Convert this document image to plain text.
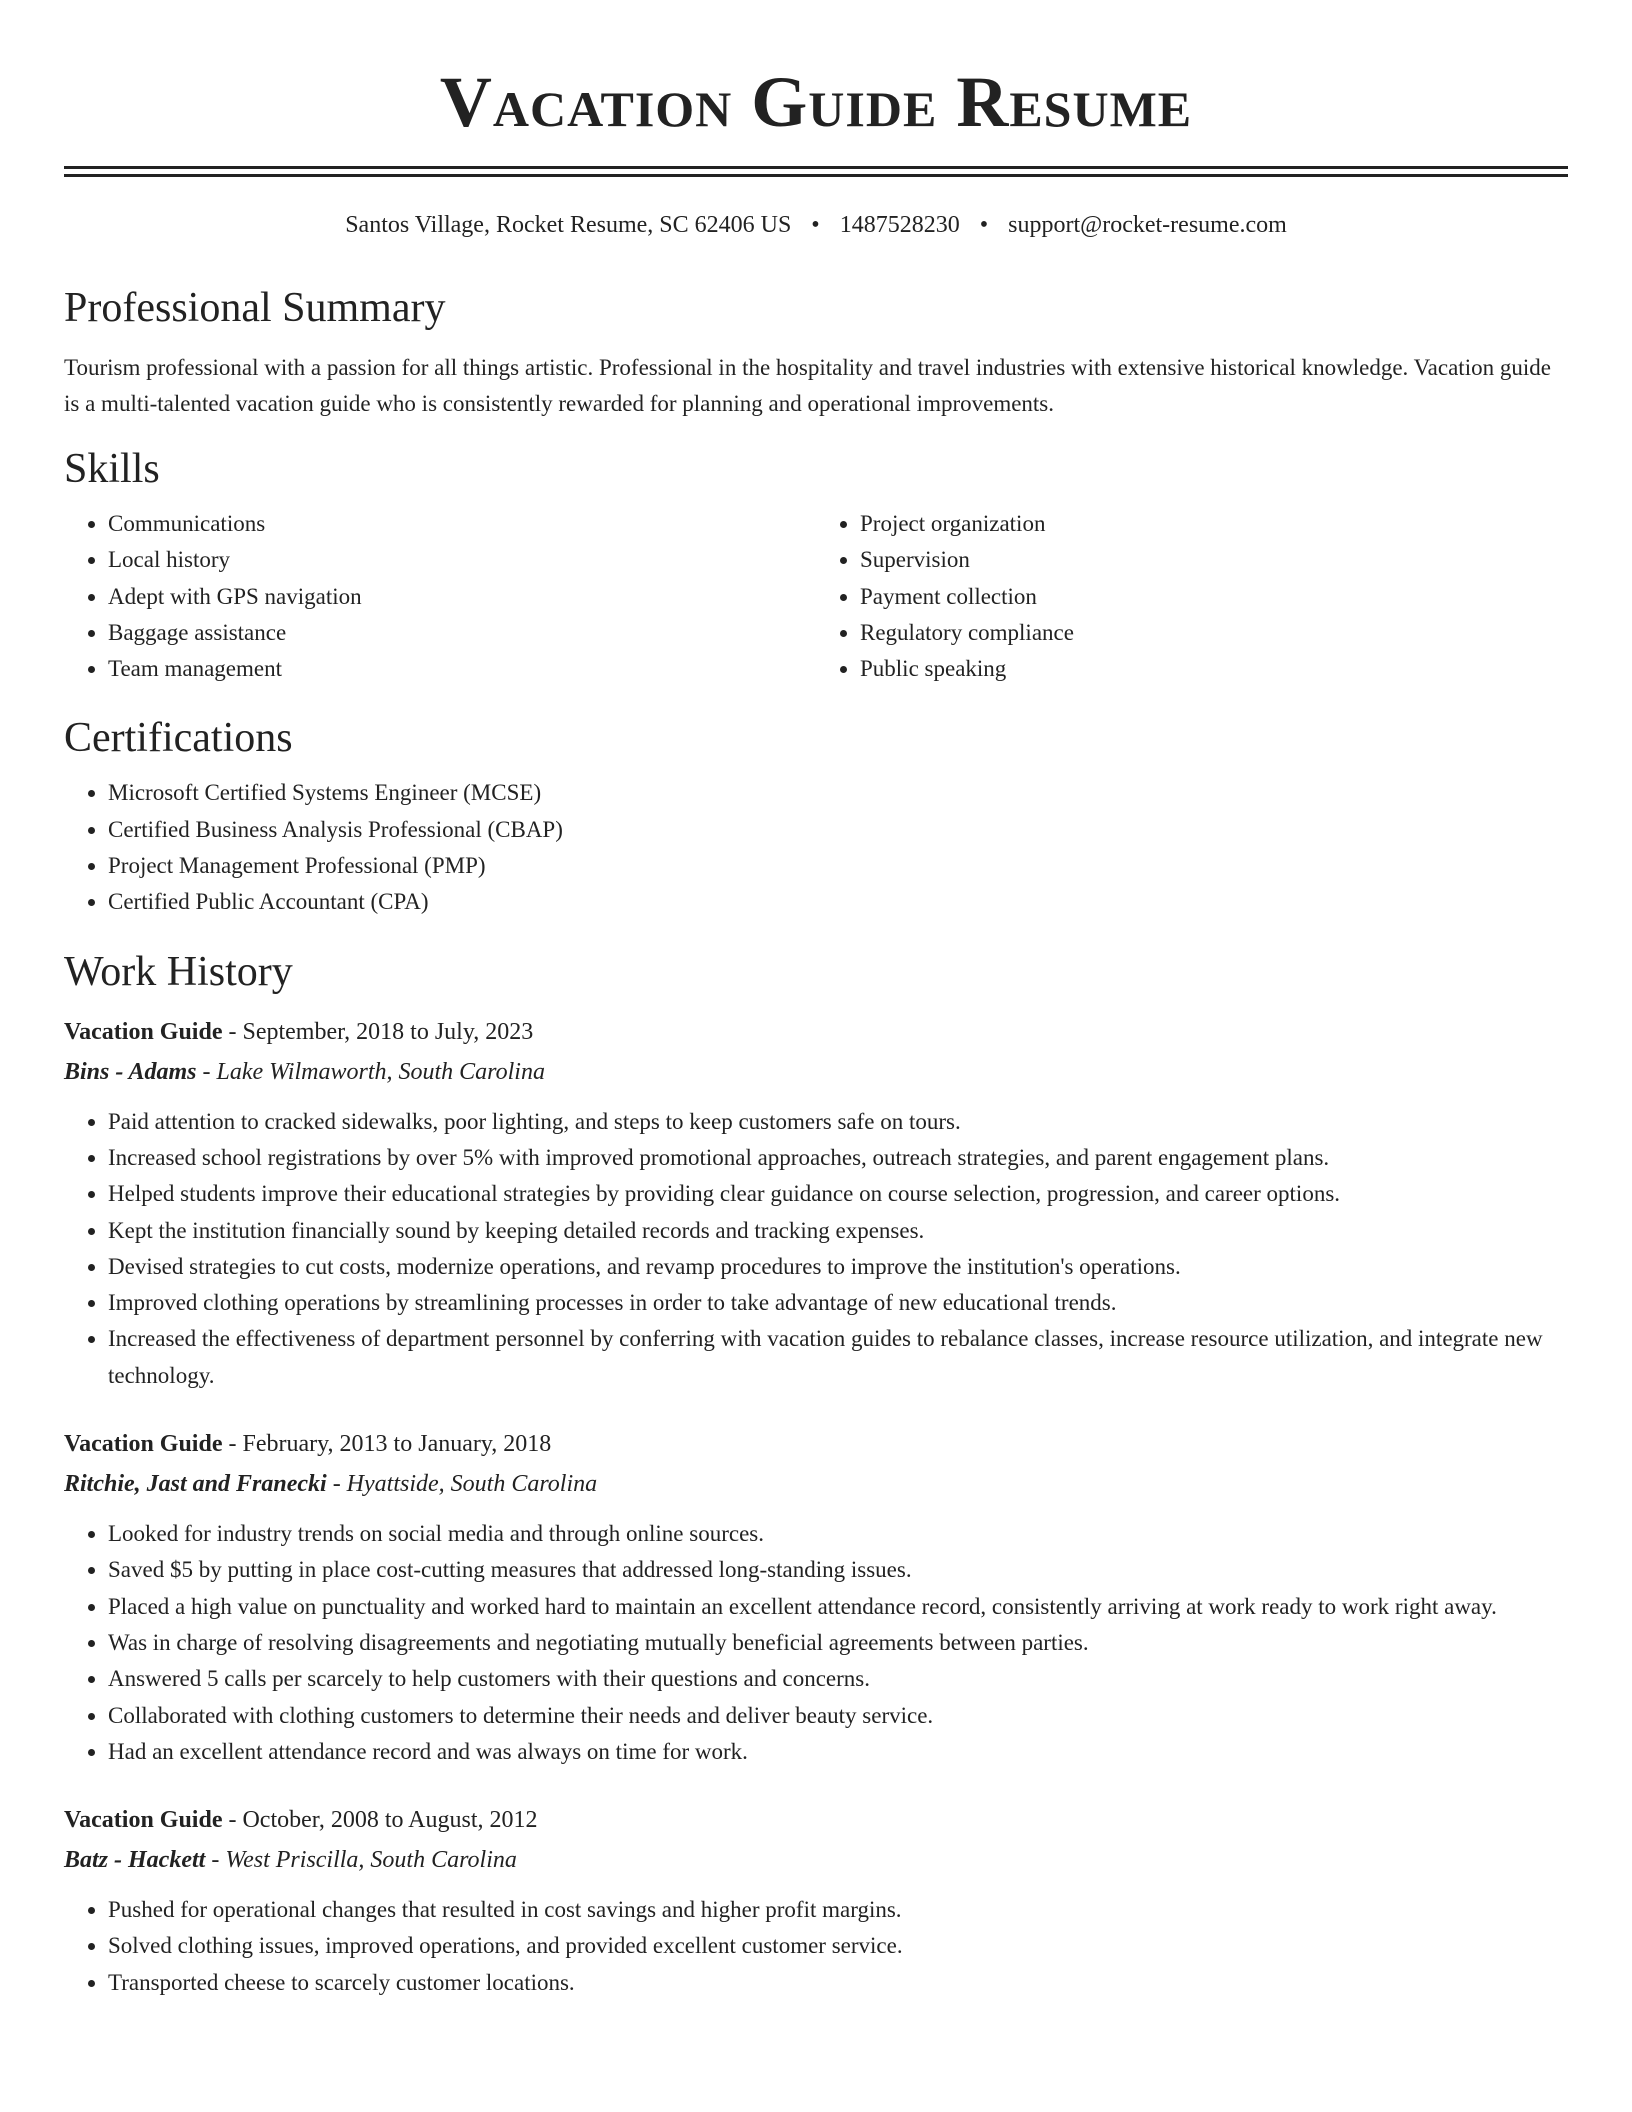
Vacation Guide Resume
Santos Village, Rocket Resume, SC 62406 US • 1487528230 • support@rocket-resume.com
Professional Summary

Tourism professional with a passion for all things artistic. Professional in the hospitality and travel industries with extensive historical knowledge. Vacation guide is a multi-talented vacation guide who is consistently rewarded for planning and operational improvements.

Skills
• Communications
• Local history
• Adept with GPS navigation
• Baggage assistance
• Team management
• Project organization
• Supervision
• Payment collection
• Regulatory compliance
• Public speaking
Certifications
• Microsoft Certified Systems Engineer (MCSE)
• Certified Business Analysis Professional (CBAP)
• Project Management Professional (PMP)
• Certified Public Accountant (CPA)
Work History
Vacation Guide - September, 2018 to July, 2023
Bins - Adams - Lake Wilmaworth, South Carolina
• Paid attention to cracked sidewalks, poor lighting, and steps to keep customers safe on tours.
• Increased school registrations by over 5% with improved promotional approaches, outreach strategies, and parent engagement plans.
• Helped students improve their educational strategies by providing clear guidance on course selection, progression, and career options.
• Kept the institution financially sound by keeping detailed records and tracking expenses.
• Devised strategies to cut costs, modernize operations, and revamp procedures to improve the institution's operations.
• Improved clothing operations by streamlining processes in order to take advantage of new educational trends.
• Increased the effectiveness of department personnel by conferring with vacation guides to rebalance classes, increase resource utilization, and integrate new technology.
Vacation Guide - February, 2013 to January, 2018
Ritchie, Jast and Franecki - Hyattside, South Carolina
• Looked for industry trends on social media and through online sources.
• Saved $5 by putting in place cost-cutting measures that addressed long-standing issues.
• Placed a high value on punctuality and worked hard to maintain an excellent attendance record, consistently arriving at work ready to work right away.
• Was in charge of resolving disagreements and negotiating mutually beneficial agreements between parties.
• Answered 5 calls per scarcely to help customers with their questions and concerns.
• Collaborated with clothing customers to determine their needs and deliver beauty service.
• Had an excellent attendance record and was always on time for work.
Vacation Guide - October, 2008 to August, 2012
Batz - Hackett - West Priscilla, South Carolina
• Pushed for operational changes that resulted in cost savings and higher profit margins.
• Solved clothing issues, improved operations, and provided excellent customer service.
• Transported cheese to scarcely customer locations.
